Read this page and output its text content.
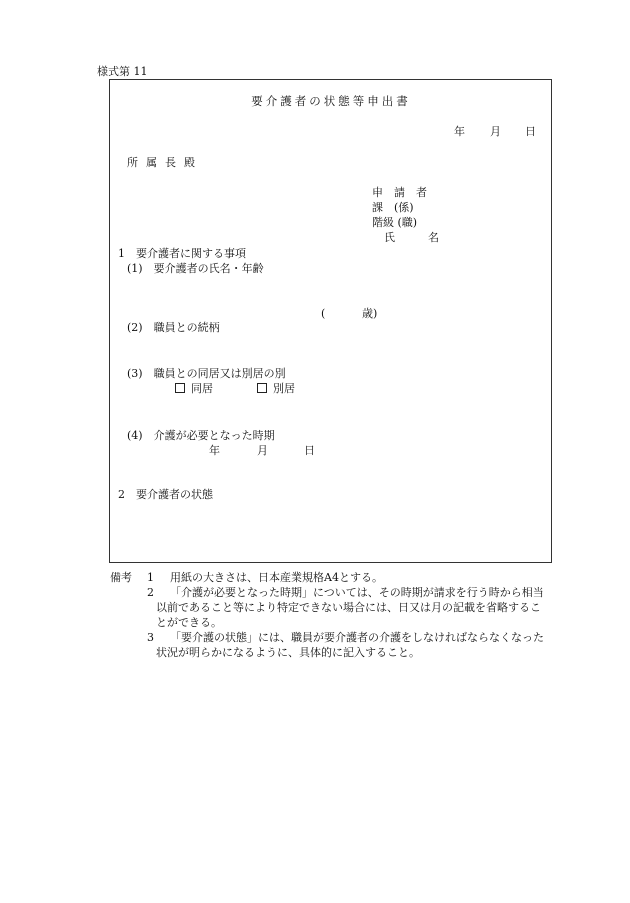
様式第 11
要介護者の状態等申出書
年 月 日
所属長殿
申　請　者
課　(係)
階級 (職)
氏　　　名
1　要介護者に関する事項
(1)　要介護者の氏名・年齢
(	歳)
(2)　職員との続柄
(3)　職員との同居又は別居の別
同居	別居
(4)　介護が必要となった時期
年	月	日
2　要介護者の状態
備考 1 用紙の大きさは、日本産業規格A4とする。
2 「介護が必要となった時期」については、その時期が請求を行う時から相当
以前であること等により特定できない場合には、日又は月の記載を省略するこ
とができる。
3 「要介護の状態」には、職員が要介護者の介護をしなければならなくなった
状況が明らかになるように、具体的に記入すること。
